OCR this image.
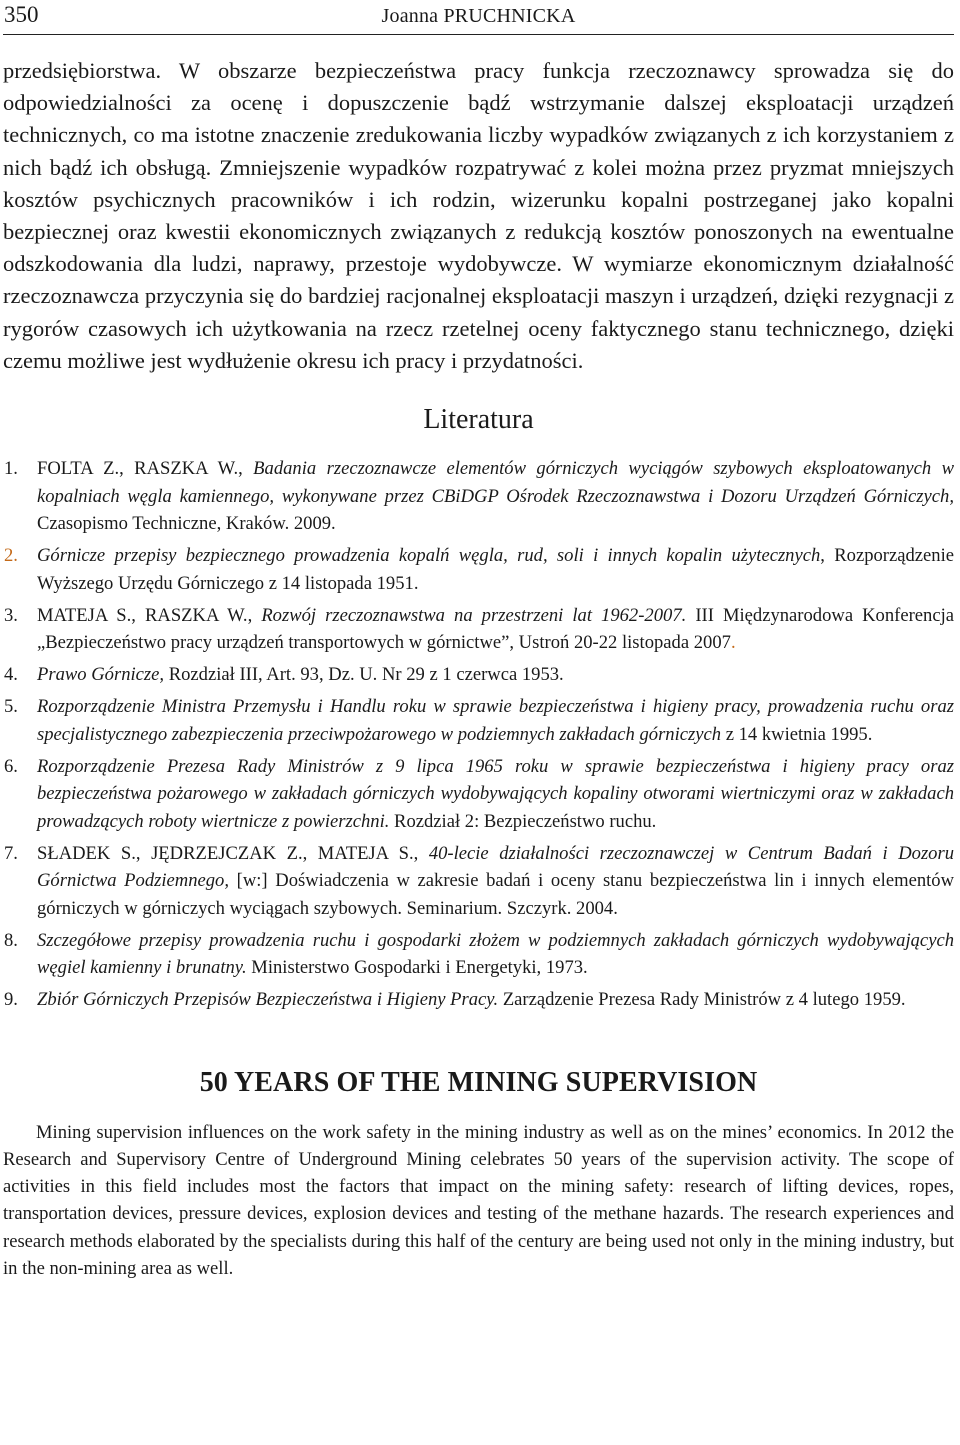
350	Joanna PRUCHNICKA

przedsiębiorstwa. W obszarze bezpieczeństwa pracy funkcja rzeczoznawcy sprowadza się do odpowiedzialności za ocenę i dopuszczenie bądź wstrzymanie dalszej eksploatacji urządzeń technicznych, co ma istotne znaczenie zredukowania liczby wypadków związanych z ich korzystaniem z nich bądź ich obsługą. Zmniejszenie wypadków rozpatrywać z kolei można przez pryzmat mniejszych kosztów psychicznych pracowników i ich rodzin, wizerunku kopalni postrzeganej jako kopalni bezpiecznej oraz kwestii ekonomicznych związanych z redukcją kosztów ponoszonych na ewentualne odszkodowania dla ludzi, naprawy, przestoje wydobywcze. W wymiarze ekonomicznym działalność rzeczoznawcza przyczynia się do bardziej racjonalnej eksploatacji maszyn i urządzeń, dzięki rezygnacji z rygorów czasowych ich użytkowania na rzecz rzetelnej oceny faktycznego stanu technicznego, dzięki czemu możliwe jest wydłużenie okresu ich pracy i przydatności.

Literatura
1. FOLTA Z., RASZKA W., Badania rzeczoznawcze elementów górniczych wyciągów szybowych eksploatowanych w kopalniach węgla kamiennego, wykonywane przez CBiDGP Ośrodek Rzeczoznawstwa i Dozoru Urządzeń Górniczych, Czasopismo Techniczne, Kraków. 2009.
2. Górnicze przepisy bezpiecznego prowadzenia kopalń węgla, rud, soli i innych kopalin użytecznych, Rozporządzenie Wyższego Urzędu Górniczego z 14 listopada 1951.
3. MATEJA S., RASZKA W., Rozwój rzeczoznawstwa na przestrzeni lat 1962-2007. III Międzynarodowa Konferencja „Bezpieczeństwo pracy urządzeń transportowych w górnictwe”, Ustroń 20-22 listopada 2007.
4. Prawo Górnicze, Rozdział III, Art. 93, Dz. U. Nr 29 z 1 czerwca 1953.
5. Rozporządzenie Ministra Przemysłu i Handlu roku w sprawie bezpieczeństwa i higieny pracy, prowadzenia ruchu oraz specjalistycznego zabezpieczenia przeciwpożarowego w podziemnych zakładach górniczych z 14 kwietnia 1995.
6. Rozporządzenie Prezesa Rady Ministrów z 9 lipca 1965 roku w sprawie bezpieczeństwa i higieny pracy oraz bezpieczeństwa pożarowego w zakładach górniczych wydobywających kopaliny otworami wiertniczymi oraz w zakładach prowadzących roboty wiertnicze z powierzchni. Rozdział 2: Bezpieczeństwo ruchu.
7. SŁADEK S., JĘDRZEJCZAK Z., MATEJA S., 40-lecie działalności rzeczoznawczej w Centrum Badań i Dozoru Górnictwa Podziemnego, [w:] Doświadczenia w zakresie badań i oceny stanu bezpieczeństwa lin i innych elementów górniczych w górniczych wyciągach szybowych. Seminarium. Szczyrk. 2004.
8. Szczegółowe przepisy prowadzenia ruchu i gospodarki złożem w podziemnych zakładach górniczych wydobywających węgiel kamienny i brunatny. Ministerstwo Gospodarki i Energetyki, 1973.
9. Zbiór Górniczych Przepisów Bezpieczeństwa i Higieny Pracy. Zarządzenie Prezesa Rady Ministrów z 4 lutego 1959.
50 YEARS OF THE MINING SUPERVISION

Mining supervision influences on the work safety in the mining industry as well as on the mines’ economics. In 2012 the Research and Supervisory Centre of Underground Mining celebrates 50 years of the supervision activity. The scope of activities in this field includes most the factors that impact on the mining safety: research of lifting devices, ropes, transportation devices, pressure devices, explosion devices and testing of the methane hazards. The research experiences and research methods elaborated by the specialists during this half of the century are being used not only in the mining industry, but in the non-mining area as well.
